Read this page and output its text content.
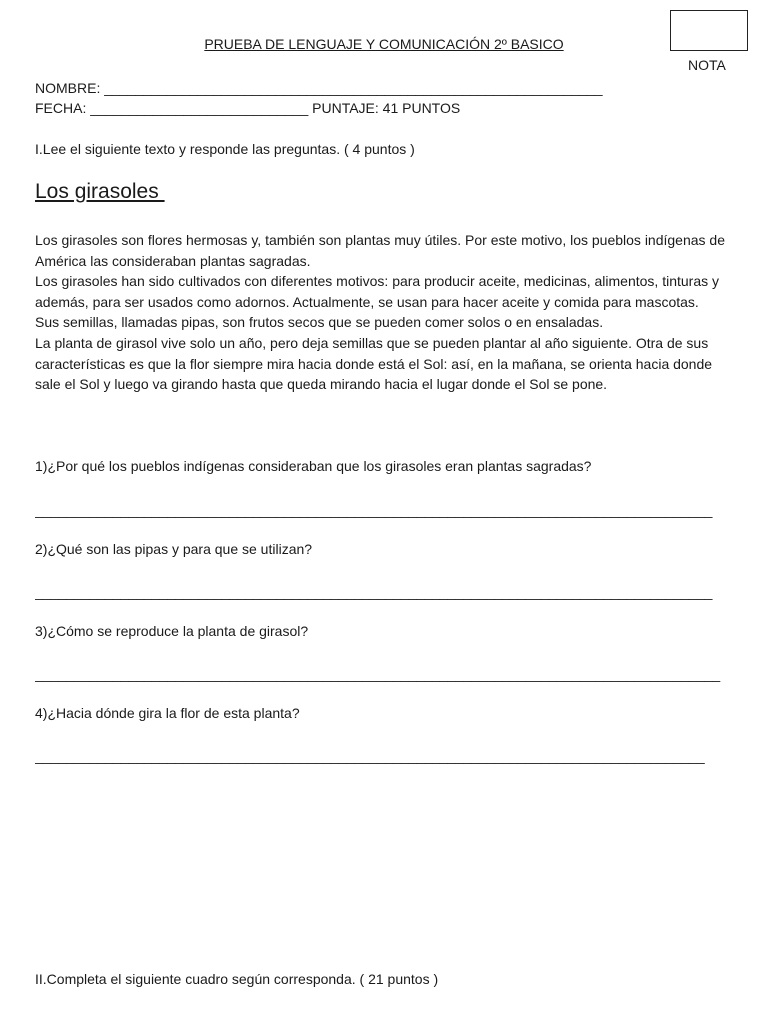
PRUEBA DE LENGUAJE Y COMUNICACIÓN 2º BASICO
NOTA
NOMBRE: ________________________________________________________________
FECHA: ____________________________ PUNTAJE: 41 PUNTOS
I.Lee el siguiente texto y responde las preguntas. ( 4 puntos )
Los girasoles

Los girasoles son flores hermosas y, también son plantas muy útiles. Por este motivo, los pueblos indígenas de América las consideraban plantas sagradas.

Los girasoles han sido cultivados con diferentes motivos: para producir aceite, medicinas, alimentos, tinturas y además, para ser usados como adornos. Actualmente, se usan para hacer aceite y comida para mascotas.

Sus semillas, llamadas pipas, son frutos secos que se pueden comer solos o en ensaladas.

La planta de girasol vive solo un año, pero deja semillas que se pueden plantar al año siguiente. Otra de sus características es que la flor siempre mira hacia donde está el Sol: así, en la mañana, se orienta hacia donde sale el Sol y luego va girando hasta que queda mirando hacia el lugar donde el Sol se pone.

1)¿Por qué los pueblos indígenas consideraban que los girasoles eran plantas sagradas?
_______________________________________________________________________________________
2)¿Qué son las pipas y para que se utilizan?
_______________________________________________________________________________________
3)¿Cómo se reproduce la planta de girasol?
________________________________________________________________________________________
4)¿Hacia dónde gira la flor de esta planta?
______________________________________________________________________________________
II.Completa el siguiente cuadro según corresponda. ( 21 puntos )
